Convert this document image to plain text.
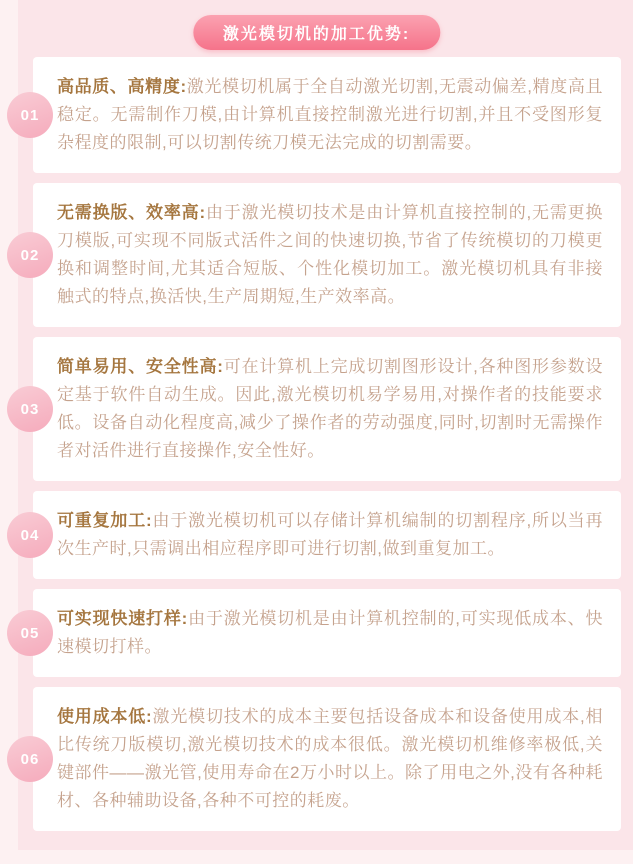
激光模切机的加工优势:
01

高品质、高精度:激光模切机属于全自动激光切割,无震动偏差,精度高且稳定。无需制作刀模,由计算机直接控制激光进行切割,并且不受图形复杂程度的限制,可以切割传统刀模无法完成的切割需要。

02

无需换版、效率高:由于激光模切技术是由计算机直接控制的,无需更换刀模版,可实现不同版式活件之间的快速切换,节省了传统模切的刀模更换和调整时间,尤其适合短版、个性化模切加工。激光模切机具有非接触式的特点,换活快,生产周期短,生产效率高。

03

简单易用、安全性高:可在计算机上完成切割图形设计,各种图形参数设定基于软件自动生成。因此,激光模切机易学易用,对操作者的技能要求低。设备自动化程度高,减少了操作者的劳动强度,同时,切割时无需操作者对活件进行直接操作,安全性好。

04

可重复加工:由于激光模切机可以存储计算机编制的切割程序,所以当再次生产时,只需调出相应程序即可进行切割,做到重复加工。

05

可实现快速打样:由于激光模切机是由计算机控制的,可实现低成本、快速模切打样。

06

使用成本低:激光模切技术的成本主要包括设备成本和设备使用成本,相比传统刀版模切,激光模切技术的成本很低。激光模切机维修率极低,关键部件——激光管,使用寿命在2万小时以上。除了用电之外,没有各种耗材、各种辅助设备,各种不可控的耗废。
